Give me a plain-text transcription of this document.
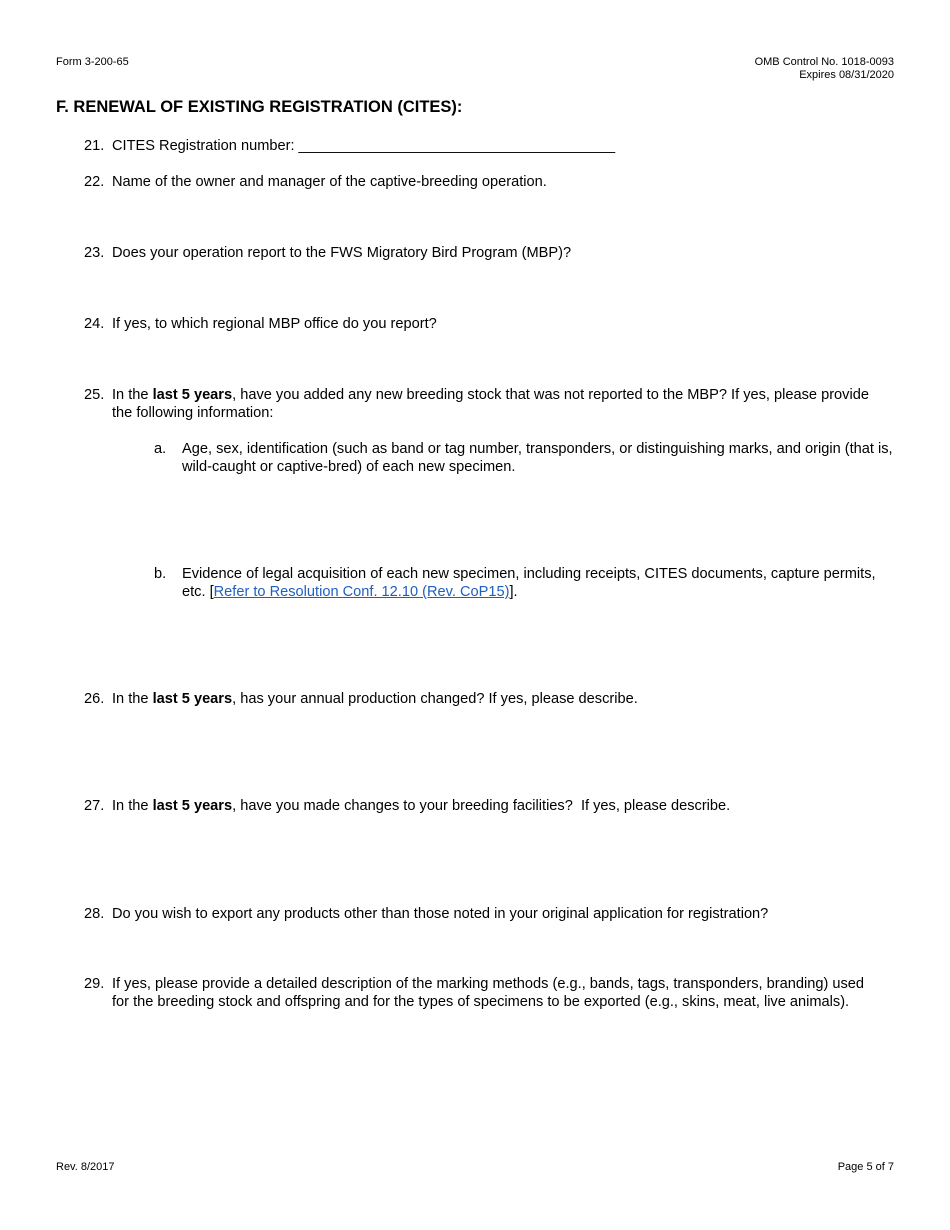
Form 3-200-65	OMB Control No. 1018-0093
Expires 08/31/2020
F. RENEWAL OF EXISTING REGISTRATION (CITES):
21. CITES Registration number: _______________________________________
22. Name of the owner and manager of the captive-breeding operation.
23. Does your operation report to the FWS Migratory Bird Program (MBP)?
24. If yes, to which regional MBP office do you report?
25. In the last 5 years, have you added any new breeding stock that was not reported to the MBP? If yes, please provide the following information:
a. Age, sex, identification (such as band or tag number, transponders, or distinguishing marks, and origin (that is, wild-caught or captive-bred) of each new specimen.
b. Evidence of legal acquisition of each new specimen, including receipts, CITES documents, capture permits, etc. [Refer to Resolution Conf. 12.10 (Rev. CoP15)].
26. In the last 5 years, has your annual production changed? If yes, please describe.
27. In the last 5 years, have you made changes to your breeding facilities?  If yes, please describe.
28. Do you wish to export any products other than those noted in your original application for registration?
29. If yes, please provide a detailed description of the marking methods (e.g., bands, tags, transponders, branding) used for the breeding stock and offspring and for the types of specimens to be exported (e.g., skins, meat, live animals).
Rev. 8/2017	Page 5 of 7
